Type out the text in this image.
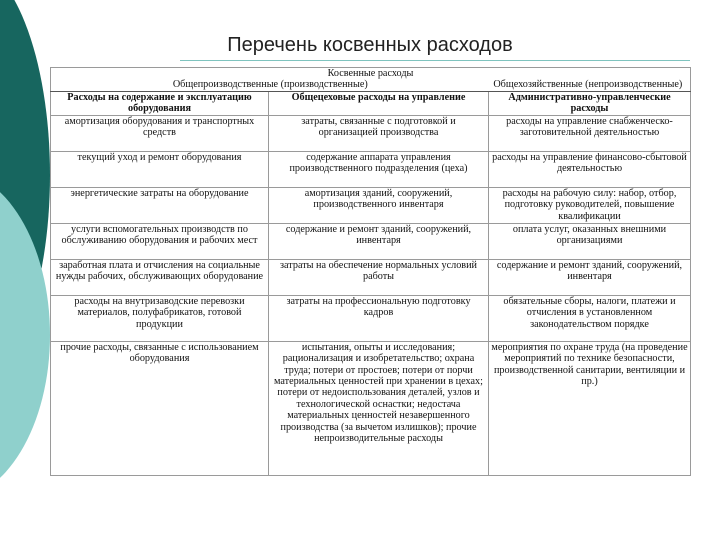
Перечень косвенных расходов
Косвенные расходы
Общепроизводственные (производственные) Общехозяйственные (непроизводственные)		

Расходы на содержание и эксплуатацию оборудования	Общецеховые расходы на управление	Административно-управленческие расходы
амортизация оборудования и транспортных средств	затраты, связанные с подготовкой и организацией производства	расходы на управление снабженческо-заготовительной деятельностью
текущий уход и ремонт оборудования	содержание аппарата управления производственного подразделения (цеха)	расходы на управление финансово-сбытовой деятельностью
энергетические затраты на оборудование	амортизация зданий, сооружений, производственного инвентаря	расходы на рабочую силу: набор, отбор, подготовку руководителей, повышение квалификации
услуги вспомогательных производств по обслуживанию оборудования и рабочих мест	содержание и ремонт зданий, сооружений, инвентаря	оплата услуг, оказанных внешними организациями
заработная плата и отчисления на социальные нужды рабочих, обслуживающих оборудование	затраты на обеспечение нормальных условий работы	содержание и ремонт зданий, сооружений, инвентаря
расходы на внутризаводские перевозки материалов, полуфабрикатов, готовой продукции	затраты на профессиональную подготовку кадров	обязательные сборы, налоги, платежи и отчисления в установленном законодательством порядке
прочие расходы, связанные с использованием оборудования	испытания, опыты и исследования; рационализация и изобретательство; охрана труда; потери от простоев; потери от порчи материальных ценностей при хранении в цехах; потери от недоиспользования деталей, узлов и технологической оснастки; недостача материальных ценностей незавершенного производства (за вычетом излишков); прочие непроизводительные расходы	мероприятия по охране труда (на проведение мероприятий по технике безопасности, производственной санитарии, вентиляции и пр.)
